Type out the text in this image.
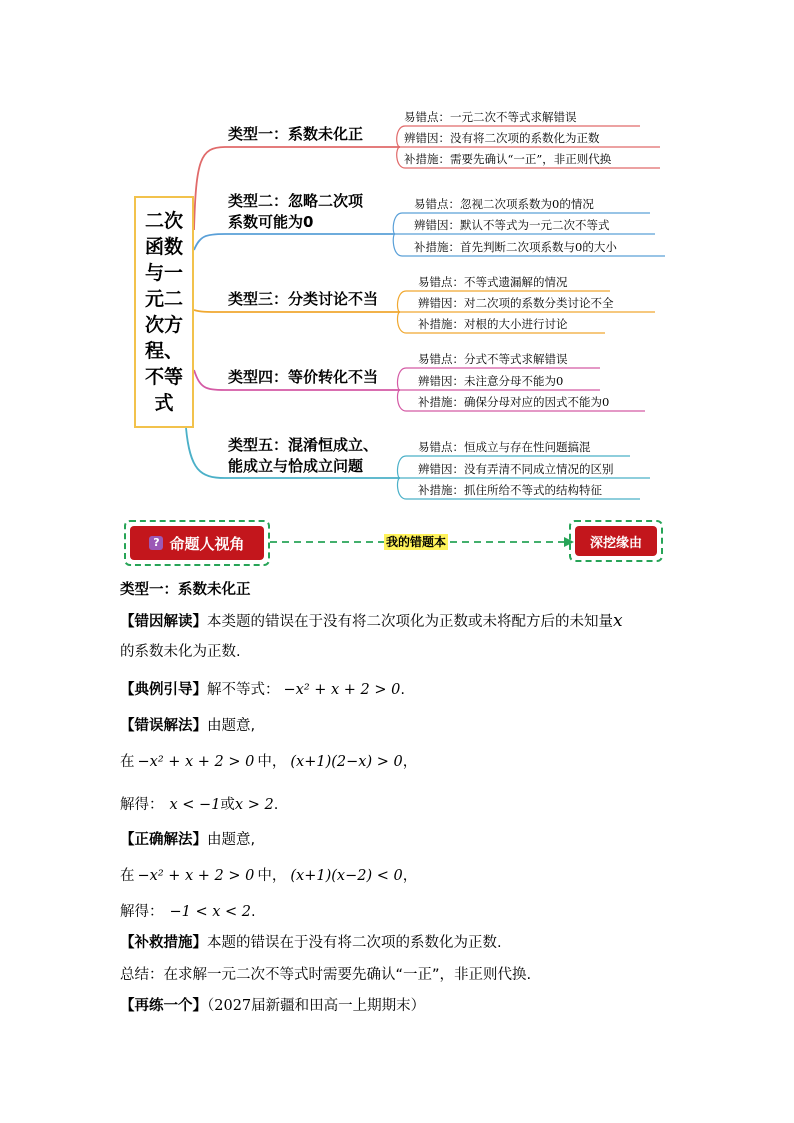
二次函数与一元二次方程、不等式
类型一：系数未化正
类型二：忽略二次项
系数可能为0
类型三：分类讨论不当
类型四：等价转化不当
类型五：混淆恒成立、
能成立与恰成立问题
易错点：一元二次不等式求解错误
辨错因：没有将二次项的系数化为正数
补措施：需要先确认“一正”，非正则代换
易错点：忽视二次项系数为0的情况
辨错因：默认不等式为一元二次不等式
补措施：首先判断二次项系数与0的大小
易错点：不等式遗漏解的情况
辨错因：对二次项的系数分类讨论不全
补措施：对根的大小进行讨论
易错点：分式不等式求解错误
辨错因：未注意分母不能为0
补措施：确保分母对应的因式不能为0
易错点：恒成立与存在性问题搞混
辨错因：没有弄清不同成立情况的区别
补措施：抓住所给不等式的结构特征
? 命题人视角	我的错题本	深挖缘由
类型一：系数未化正
【错因解读】本类题的错误在于没有将二次项化为正数或未将配方后的未知量x
的系数未化为正数.
【典例引导】解不等式： −x² + x + 2 > 0.
【错误解法】由题意,
在 −x² + x + 2 > 0 中， (x+1)(2−x) > 0，
解得： x < −1或x > 2.
【正确解法】由题意,
在 −x² + x + 2 > 0 中， (x+1)(x−2) < 0，
解得： −1 < x < 2.
【补救措施】本题的错误在于没有将二次项的系数化为正数.
总结：在求解一元二次不等式时需要先确认“一正”，非正则代换.
【再练一个】（2027届新疆和田高一上期期末）
